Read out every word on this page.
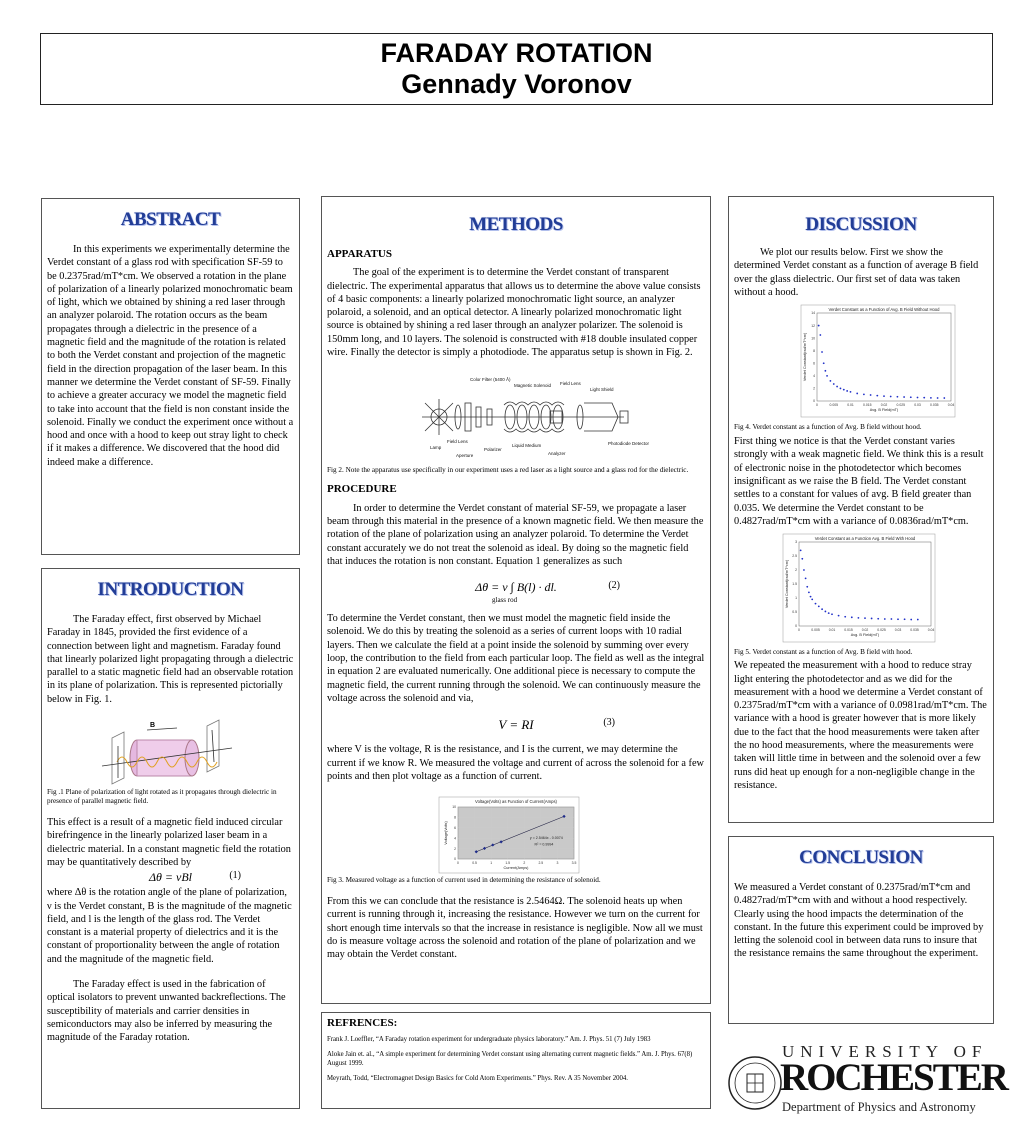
FARADAY ROTATION
Gennady Voronov
ABSTRACT

In this experiments we experimentally determine the Verdet constant of a glass rod with specification SF-59 to be 0.2375rad/mT*cm. We observed a rotation in the plane of polarization of a linearly polarized monochromatic beam of light, which we obtained by shining a red laser through an analyzer polaroid. The rotation occurs as the beam propagates through a dielectric in the presence of a magnetic field and the magnitude of the rotation is related to both the Verdet constant and projection of the magnetic field in the direction propagation of the laser beam. In this manner we determine the Verdet constant of SF-59. Finally to achieve a greater accuracy we model the magnetic field to take into account that the field is non constant inside the solenoid. Finally we conduct the experiment once without a hood and once with a hood to keep out stray light to check if it makes a difference. We discovered that the hood did indeed make a difference.

INTRODUCTION

The Faraday effect, first observed by Michael Faraday in 1845, provided the first evidence of a connection between light and magnetism. Faraday found that linearly polarized light propagating through a dielectric parallel to a static magnetic field had an observable rotation in its plane of polarization. This is represented pictorially below in Fig. 1.

B
Fig .1 Plane of polarization of light rotated as it propagates through dielectric in presence of parallel magnetic field.

This effect is a result of a magnetic field induced circular birefringence in the linearly polarized laser beam in a dielectric material. In a constant magnetic field the rotation may be quantitatively described by

Δθ = νBl	(1)

where Δθ is the rotation angle of the plane of polarization, ν is the Verdet constant, B is the magnitude of the magnetic field, and l is the length of the glass rod. The Verdet constant is a material property of dielectrics and it is the constant of proportionality between the angle of rotation and the magnitude of the magnetic field.

The Faraday effect is used in the fabrication of optical isolators to prevent unwanted backreflections. The susceptibility of materials and carrier densities in semiconductors may also be inferred by measuring the magnitude of the Faraday rotation.

METHODS

APPARATUS

The goal of the experiment is to determine the Verdet constant of transparent dielectric. The experimental apparatus that allows us to determine the above value consists of 4 basic components: a linearly polarized monochromatic light source, an analyzer polaroid, a solenoid, and an optical detector. A linearly polarized monochromatic light source is obtained by shining a red laser through an analyzer polarizer. The solenoid is 150mm long, and 10 layers. The solenoid is constructed with #18 double insulated copper wire. Finally the detector is simply a photodiode. The apparatus setup is shown in Fig. 2.

Color Filter (5400 Å)
Magnetic Solenoid Field Lens
Light Shield
Lamp
Field Lens
Aperture
Polarizer
Liquid Medium
Analyzer
Photodiode Detector
Fig 2. Note the apparatus use specifically in our experiment uses a red laser as a light source and a glass rod for the dielectric.

PROCEDURE

In order to determine the Verdet constant of material SF-59, we propagate a laser beam through this material in the presence of a known magnetic field. We then measure the rotation of the plane of polarization using an analyzer polaroid. To determine the Verdet constant accurately we do not treat the solenoid as ideal. By doing so the magnetic field that induces the rotation is non constant. Equation 1 generalizes as such

Δθ = ν ∫ B(l) · dl.	(2)
glass rod

To determine the Verdet constant, then we must model the magnetic field inside the solenoid. We do this by treating the solenoid as a series of current loops with 10 radial layers. Then we calculate the field at a point inside the solenoid by summing over every loop, the contribution to the field from each particular loop. The field as well as the integral in equation 2 are evaluated numerically. One additional piece is necessary to compute the magnetic field, the current running through the solenoid. We can continuously measure the voltage across the solenoid and via,

V = RI	(3)

where V is the voltage, R is the resistance, and I is the current, we may determine the current if we know R. We measured the voltage and current of across the solenoid for a few points and then plot voltage as a function of current.

Voltage(Volts) as Function of Current(Amps)
0	0.5	1	1.5	2	2.5	3	3.5
0
2
4
6
8
10
Current(Amps)
Voltage(Volts)	y = 2.5464x - 0.0074
R² = 0.9994
Fig 3. Measured voltage as a function of current used in determining the resistance of solenoid.

From this we can conclude that the resistance is 2.5464Ω. The solenoid heats up when current is running through it, increasing the resistance. However we turn on the current for short enough time intervals so that the increase in resistance is negligible. Now all we must do is measure voltage across the solenoid and rotation of the plane of polarization and we may obtain the Verdet constant.

REFRENCES:

Frank J. Loeffler, “A Faraday rotation experiment for undergraduate physics laboratory.” Am. J. Phys. 51 (7) July 1983

Aloke Jain et. al., “A simple experiment for determining Verdet constant using alternating current magnetic fields.” Am. J. Phys. 67(8) August 1999.

Meyrath, Todd, “Electromagnet Design Basics for Cold Atom Experiments.” Phys. Rev. A 35 November 2004.

DISCUSSION

We plot our results below. First we show the determined Verdet constant as a function of average B field over the glass dielectric. Our first set of data was taken without a hood.

Verdet Constant as a Function of Avg. B Field Without Hood
0	0.005	0.01	0.015	0.02	0.025	0.03	0.035	0.04
0
2
4
6
8
10
12
14
Avg. B Field(mT)
Verdet Constant(rad/mT*cm)
Fig 4. Verdet constant as a function of Avg. B field without hood.

First thing we notice is that the Verdet constant varies strongly with a weak magnetic field. We think this is a result of electronic noise in the photodetector which becomes insignificant as we raise the B field. The Verdet constant settles to a constant for values of avg. B field greater than 0.035. We determine the Verdet constant to be 0.4827rad/mT*cm with a variance of 0.0836rad/mT*cm.

Verdet Constant as a Function Avg. B Field With Hood
0	0.005	0.01	0.015	0.02	0.025	0.03	0.035	0.04
0
0.5
1
1.5
2
2.5
3
Avg. B Field(mT)
Verdet Constant(rad/mT*cm)
Fig 5. Verdet constant as a function of Avg. B field with hood.

We repeated the measurement with a hood to reduce stray light entering the photodetector and as we did for the measurement with a hood we determine a Verdet constant of 0.2375rad/mT*cm with a variance of 0.0981rad/mT*cm. The variance with a hood is greater however that is more likely due to the fact that the hood measurements were taken after the no hood measurements, where the measurements were taken will little time in between and the solenoid over a few runs did heat up enough for a non-negligible change in the resistance.

CONCLUSION

We measured a Verdet constant of 0.2375rad/mT*cm and 0.4827rad/mT*cm with and without a hood respectively. Clearly using the hood impacts the determination of the constant. In the future this experiment could be improved by letting the solenoid cool in between data runs to insure that the resistance remains the same throughout the experiment.

UNIVERSITY OF
ROCHESTER
Department of Physics and Astronomy
